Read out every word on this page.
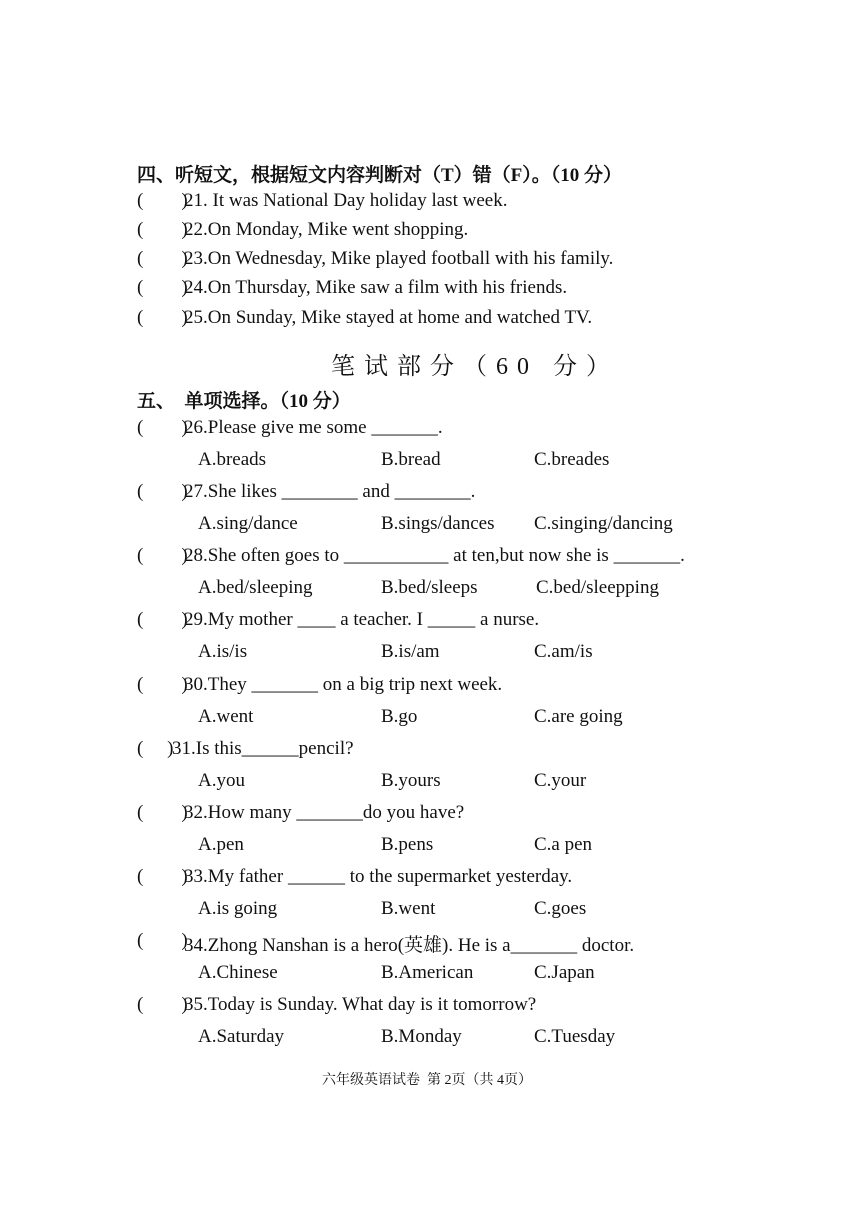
四、听短文，根据短文内容判断对（T）错（F）。（10 分）
(        )
21. It was National Day holiday last week.
(        )
22.On Monday, Mike went shopping.
(        )
23.On Wednesday, Mike played football with his family.
(        )
24.On Thursday, Mike saw a film with his friends.
(        )
25.On Sunday, Mike stayed at home and watched TV.
笔试部分（60 分）
五、  单项选择。（10 分）
(        )
26.Please give me some _______.
A.breads	B.bread	C.breades
(        )
27.She likes ________ and ________.
A.sing/dance	B.sings/dances C.singing/dancing
(        )
28.She often goes to ___________ at ten,but now she is _______.
A.bed/sleeping	B.bed/sleeps	C.bed/sleepping
(        )
29.My mother ____ a teacher. I _____ a nurse.
A.is/is	B.is/am	C.am/is
(        )
30.They _______ on a big trip next week.
A.went	B.go	C.are going
(     )
31.Is this______pencil?
A.you	B.yours	C.your
(        )
32.How many _______do you have?
A.pen	B.pens	C.a pen
(        )
33.My father ______ to the supermarket yesterday.
A.is going	B.went	C.goes
(        )
34.Zhong Nanshan is a hero(英雄). He is a_______ doctor.
A.Chinese	B.American	C.Japan
(        )
35.Today is Sunday. What day is it tomorrow?
A.Saturday	B.Monday	C.Tuesday
六年级英语试卷  第 2页（共 4页）
